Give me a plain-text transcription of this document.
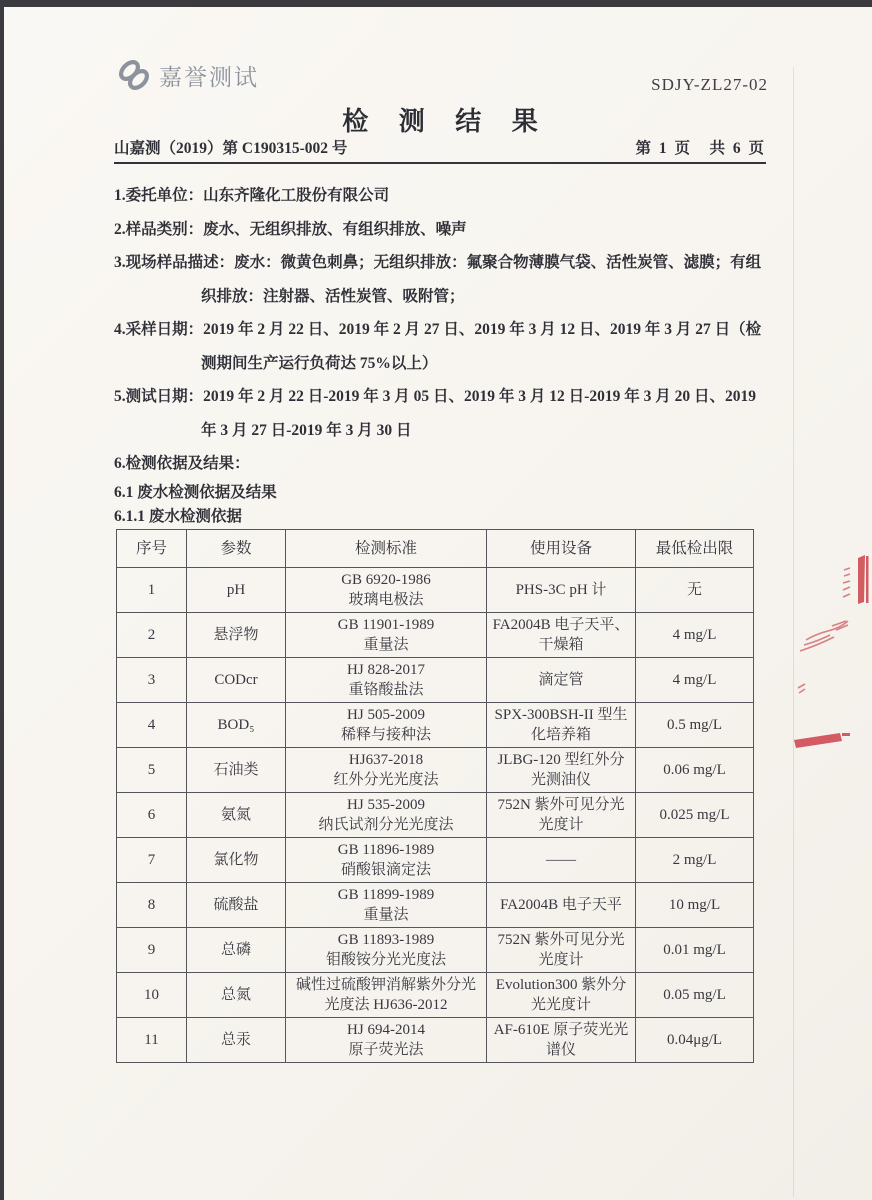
嘉誉测试	SDJY-ZL27-02
检 测 结 果
山嘉测（2019）第 C190315-002 号	第 1 页　共 6 页
1.委托单位：山东齐隆化工股份有限公司
2.样品类别：废水、无组织排放、有组织排放、噪声
3.现场样品描述：废水：微黄色刺鼻；无组织排放：氟聚合物薄膜气袋、活性炭管、滤膜；有组
织排放：注射器、活性炭管、吸附管；
4.采样日期：2019 年 2 月 22 日、2019 年 2 月 27 日、2019 年 3 月 12 日、2019 年 3 月 27 日（检
测期间生产运行负荷达 75%以上）
5.测试日期：2019 年 2 月 22 日-2019 年 3 月 05 日、2019 年 3 月 12 日-2019 年 3 月 20 日、2019
年 3 月 27 日-2019 年 3 月 30 日
6.检测依据及结果：
6.1 废水检测依据及结果
6.1.1 废水检测依据
序号	参数	检测标准	使用设备	最低检出限
1	pH	GB 6920-1986
玻璃电极法	PHS-3C pH 计	无
2	悬浮物	GB 11901-1989
重量法	FA2004B 电子天平、干燥箱	4 mg/L
3	CODcr	HJ 828-2017
重铬酸盐法	滴定管	4 mg/L
4	BOD₅	HJ 505-2009
稀释与接种法	SPX-300BSH-II 型生化培养箱	0.5 mg/L
5	石油类	HJ637-2018
红外分光光度法	JLBG-120 型红外分光测油仪	0.06 mg/L
6	氨氮	HJ 535-2009
纳氏试剂分光光度法	752N 紫外可见分光光度计	0.025 mg/L
7	氯化物	GB 11896-1989
硝酸银滴定法	——	2 mg/L
8	硫酸盐	GB 11899-1989
重量法	FA2004B 电子天平	10 mg/L
9	总磷	GB 11893-1989
钼酸铵分光光度法	752N 紫外可见分光光度计	0.01 mg/L
10	总氮	碱性过硫酸钾消解紫外分光
光度法 HJ636-2012	Evolution300 紫外分光光度计	0.05 mg/L
11	总汞	HJ 694-2014
原子荧光法	AF-610E 原子荧光光谱仪	0.04μg/L
